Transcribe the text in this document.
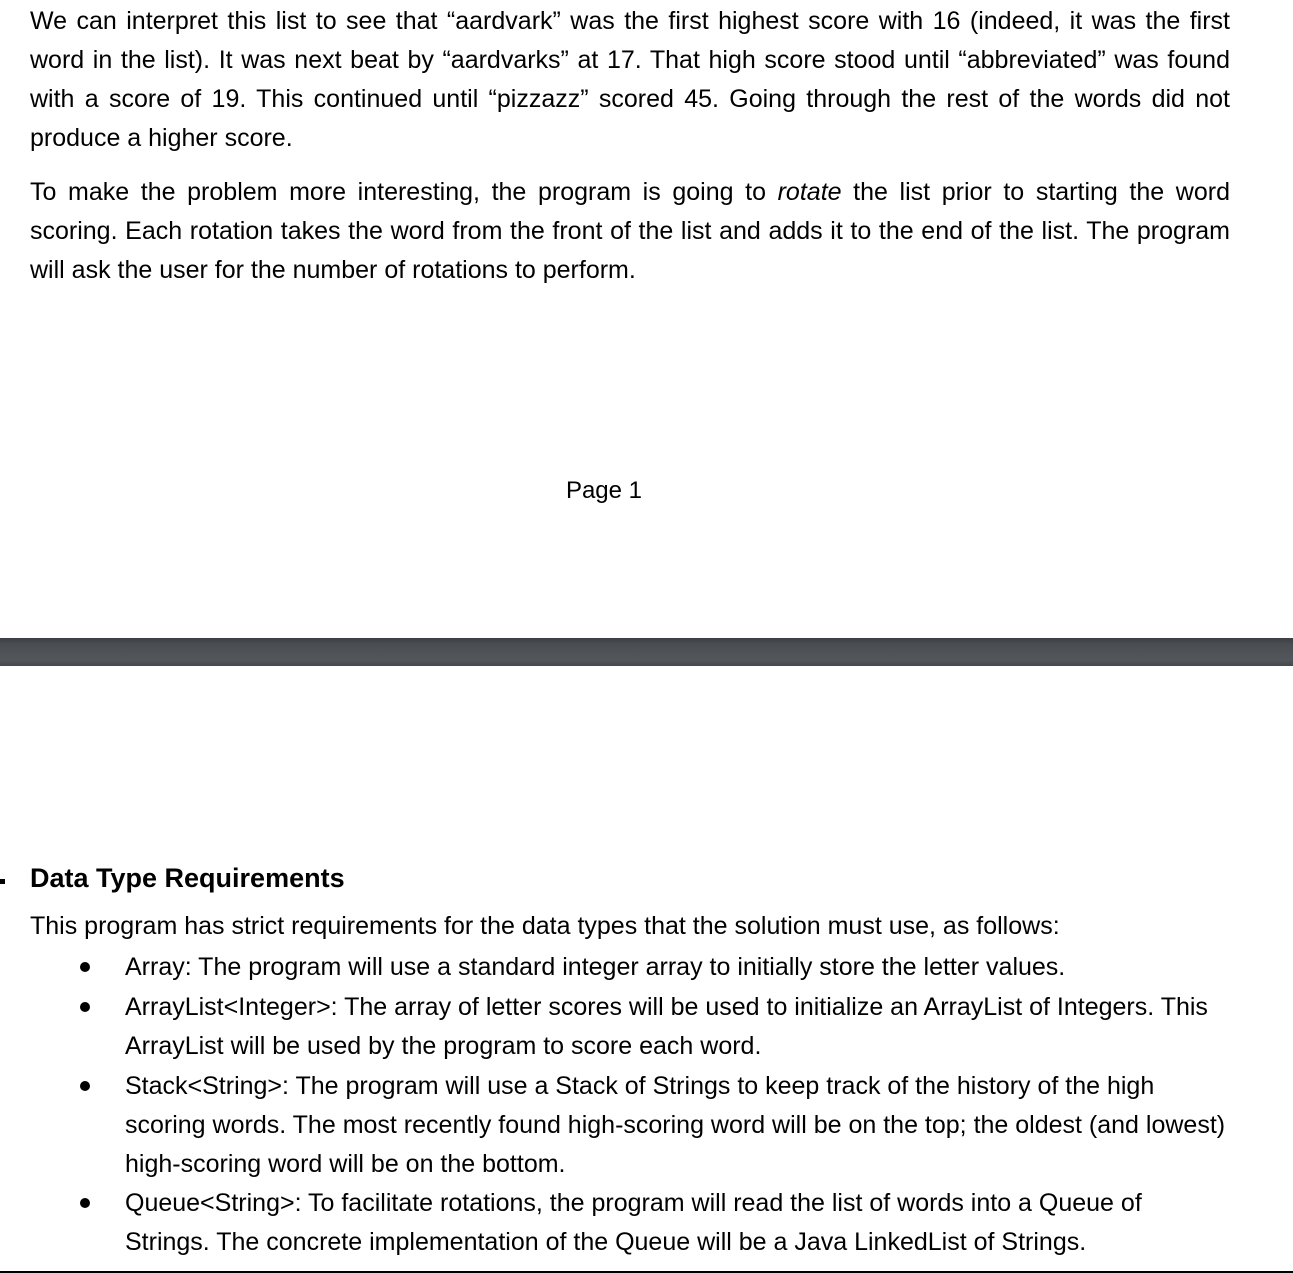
We can interpret this list to see that “aardvark” was the first highest score with 16 (indeed, it was the first word in the list). It was next beat by “aardvarks” at 17. That high score stood until “abbreviated” was found with a score of 19. This continued until “pizzazz” scored 45. Going through the rest of the words did not produce a higher score.

To make the problem more interesting, the program is going to rotate the list prior to starting the word scoring. Each rotation takes the word from the front of the list and adds it to the end of the list. The program will ask the user for the number of rotations to perform.

Page 1
Data Type Requirements

This program has strict requirements for the data types that the solution must use, as follows:

Array: The program will use a standard integer array to initially store the letter values.
ArrayList<Integer>: The array of letter scores will be used to initialize an ArrayList of Integers. This ArrayList will be used by the program to score each word.
Stack<String>: The program will use a Stack of Strings to keep track of the history of the high scoring words. The most recently found high-scoring word will be on the top; the oldest (and lowest) high-scoring word will be on the bottom.
Queue<String>: To facilitate rotations, the program will read the list of words into a Queue of Strings. The concrete implementation of the Queue will be a Java LinkedList of Strings.
